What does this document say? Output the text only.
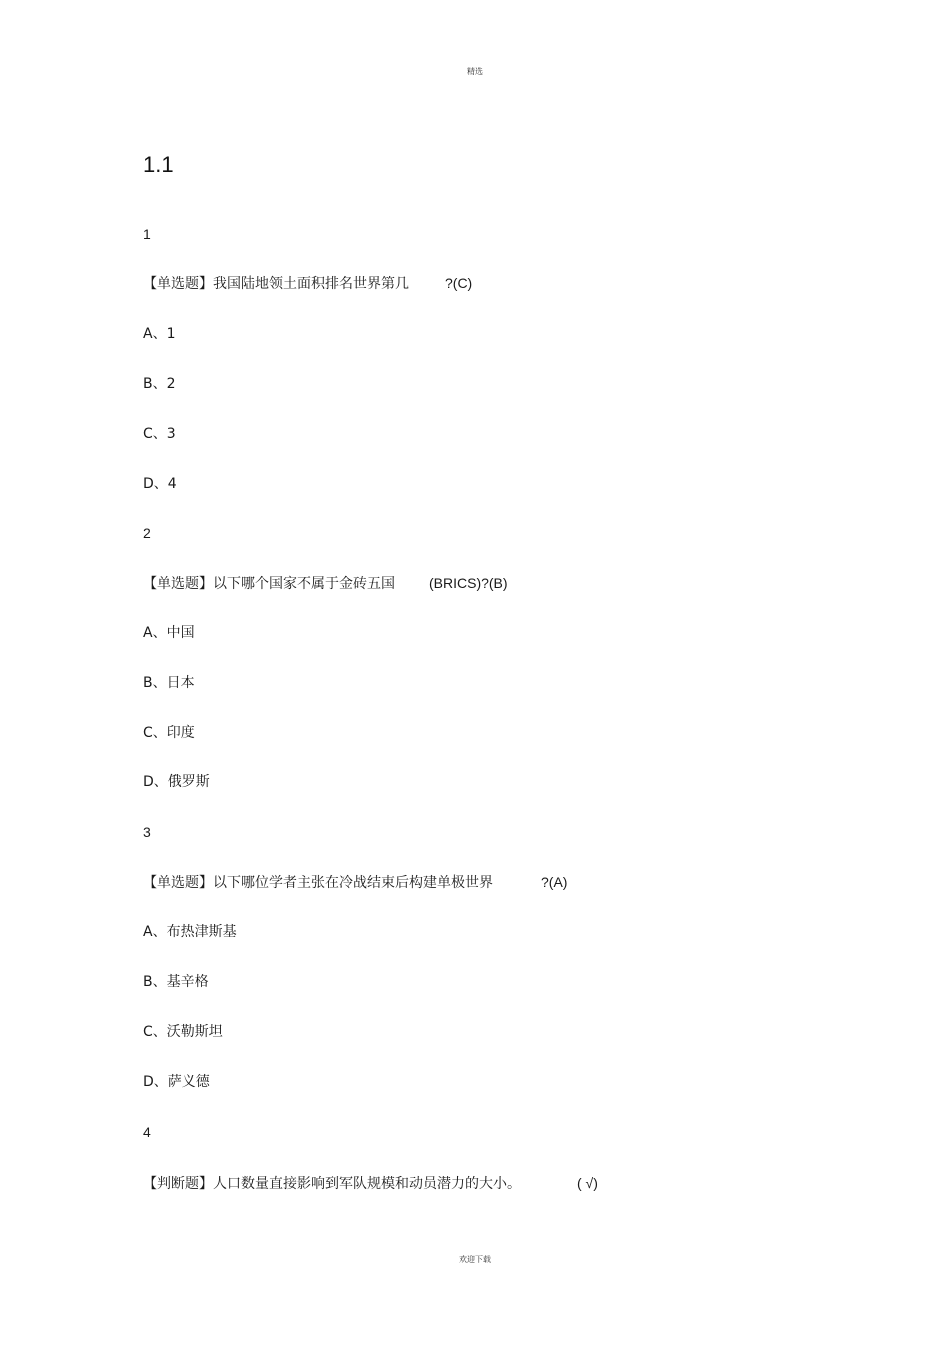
精选
1.1
1
【单选题】我国陆地领土面积排名世界第几	?(C)
A、1
B、2
C、3
D、4
2
【单选题】以下哪个国家不属于金砖五国 (BRICS)?(B)
A、中国
B、日本
C、印度
D、俄罗斯
3
【单选题】以下哪位学者主张在冷战结束后构建单极世界	?(A)
A、布热津斯基
B、基辛格
C、沃勒斯坦
D、萨义德
4
【判断题】人口数量直接影响到军队规模和动员潜力的大小。	( √)
欢迎下载
